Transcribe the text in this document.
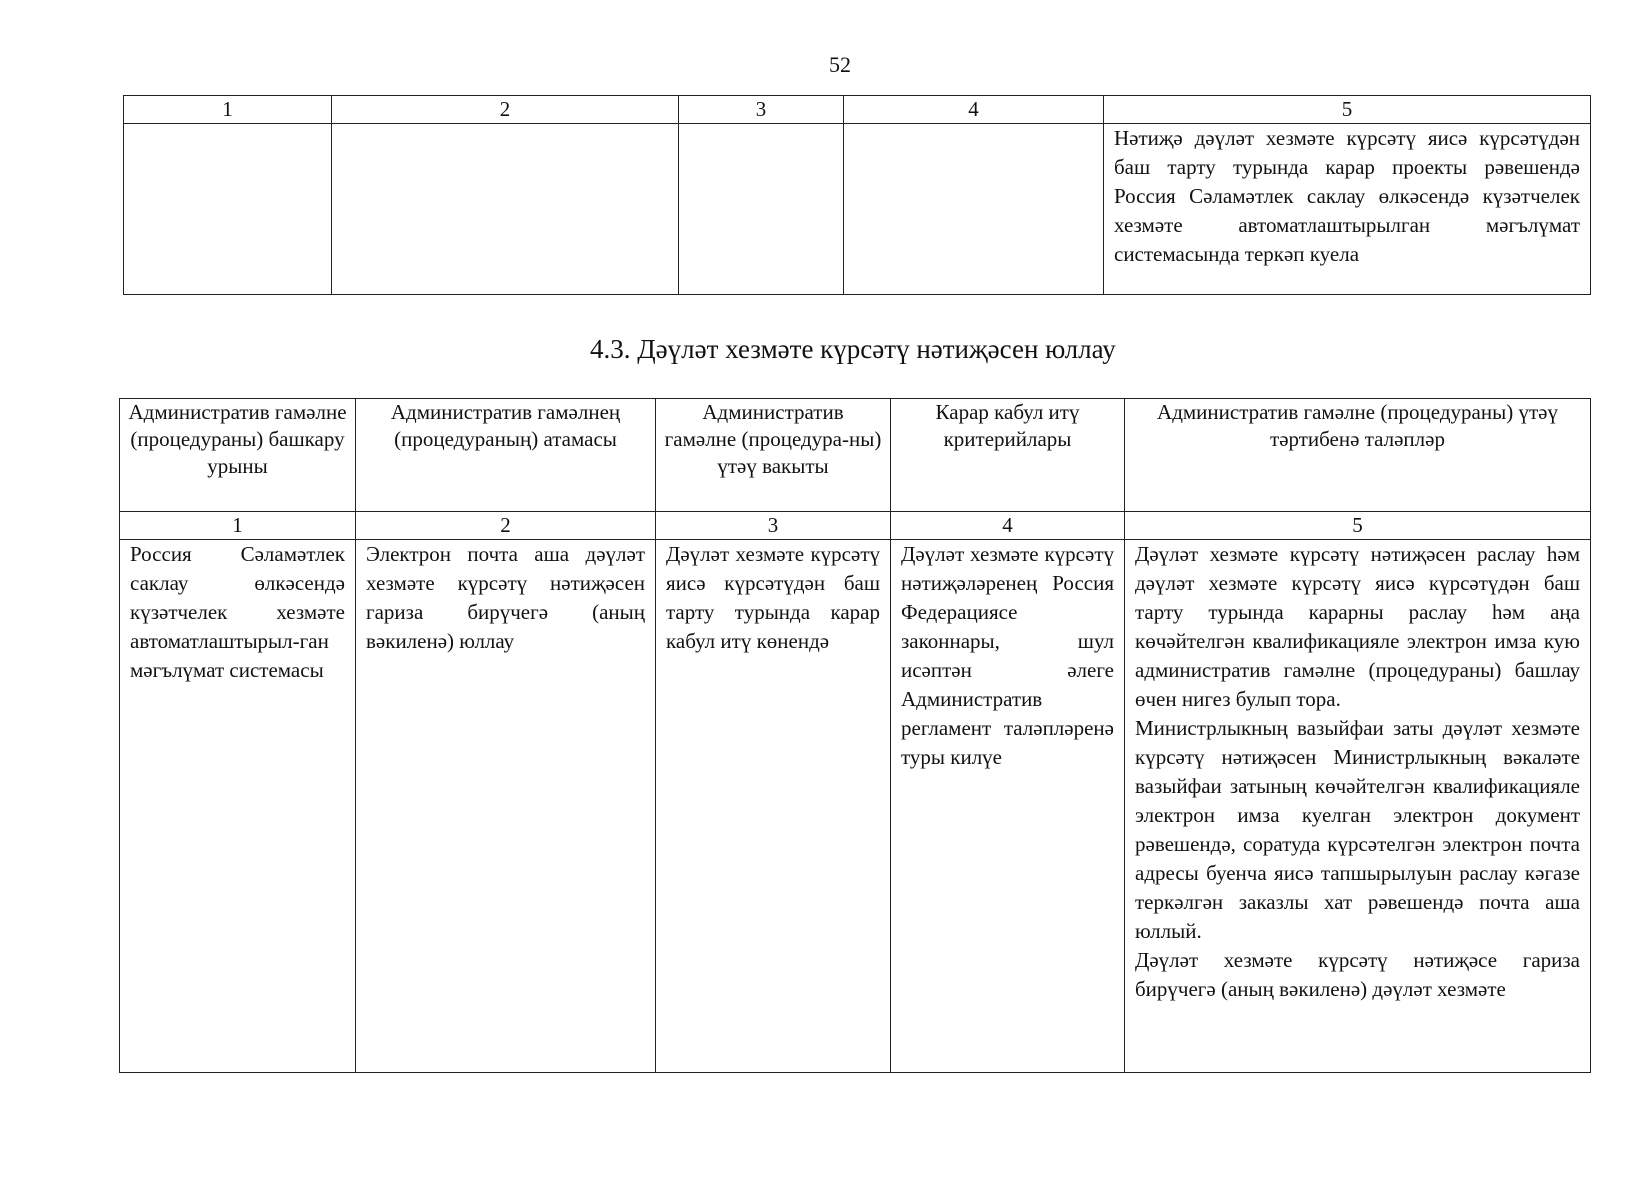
52
1	2	3	4	5
				Нәтиҗә дәүләт хезмәте күрсәтү яисә күрсәтүдән баш тарту турында карар проекты рәвешендә Россия Сәламәтлек саклау өлкәсендә күзәтчелек хезмәте автоматлаштырылган мәгълүмат системасында теркәп куела
4.3. Дәүләт хезмәте күрсәтү нәтиҗәсен юллау
Административ гамәлне (процедураны) башкару урыны	Административ гамәлнең (процедураның) атамасы	Административ гамәлне (процедура-ны) үтәү вакыты	Карар кабул итү критерийлары	Административ гамәлне (процедураны) үтәү тәртибенә таләпләр
1	2	3	4	5
Россия Сәламәтлек саклау өлкәсендә күзәтчелек хезмәте автоматлаштырыл-ган мәгълүмат системасы	Электрон почта аша дәүләт хезмәте күрсәтү нәтиҗәсен гариза бирүчегә (аның вәкиленә) юллау	Дәүләт хезмәте күрсәтү яисә күрсәтүдән баш тарту турында карар кабул итү көнендә	Дәүләт хезмәте күрсәтү нәтиҗәләренең Россия Федерациясе законнары, шул исәптән әлеге Административ регламент таләпләренә туры килүе	Дәүләт хезмәте күрсәтү нәтиҗәсен раслау һәм дәүләт хезмәте күрсәтү яисә күрсәтүдән баш тарту турында карарны раслау һәм аңа көчәйтелгән квалификацияле электрон имза кую административ гамәлне (процедураны) башлау өчен нигез булып тора.

Министрлыкның вазыйфаи заты дәүләт хезмәте күрсәтү нәтиҗәсен Министрлыкның вәкаләте вазыйфаи затының көчәйтелгән квалификацияле электрон имза куелган электрон документ рәвешендә, соратуда күрсәтелгән электрон почта адресы буенча яисә тапшырылуын раслау кәгазе теркәлгән заказлы хат рәвешендә почта аша юллый.

Дәүләт хезмәте күрсәтү нәтиҗәсе гариза бирүчегә (аның вәкиленә) дәүләт хезмәте
